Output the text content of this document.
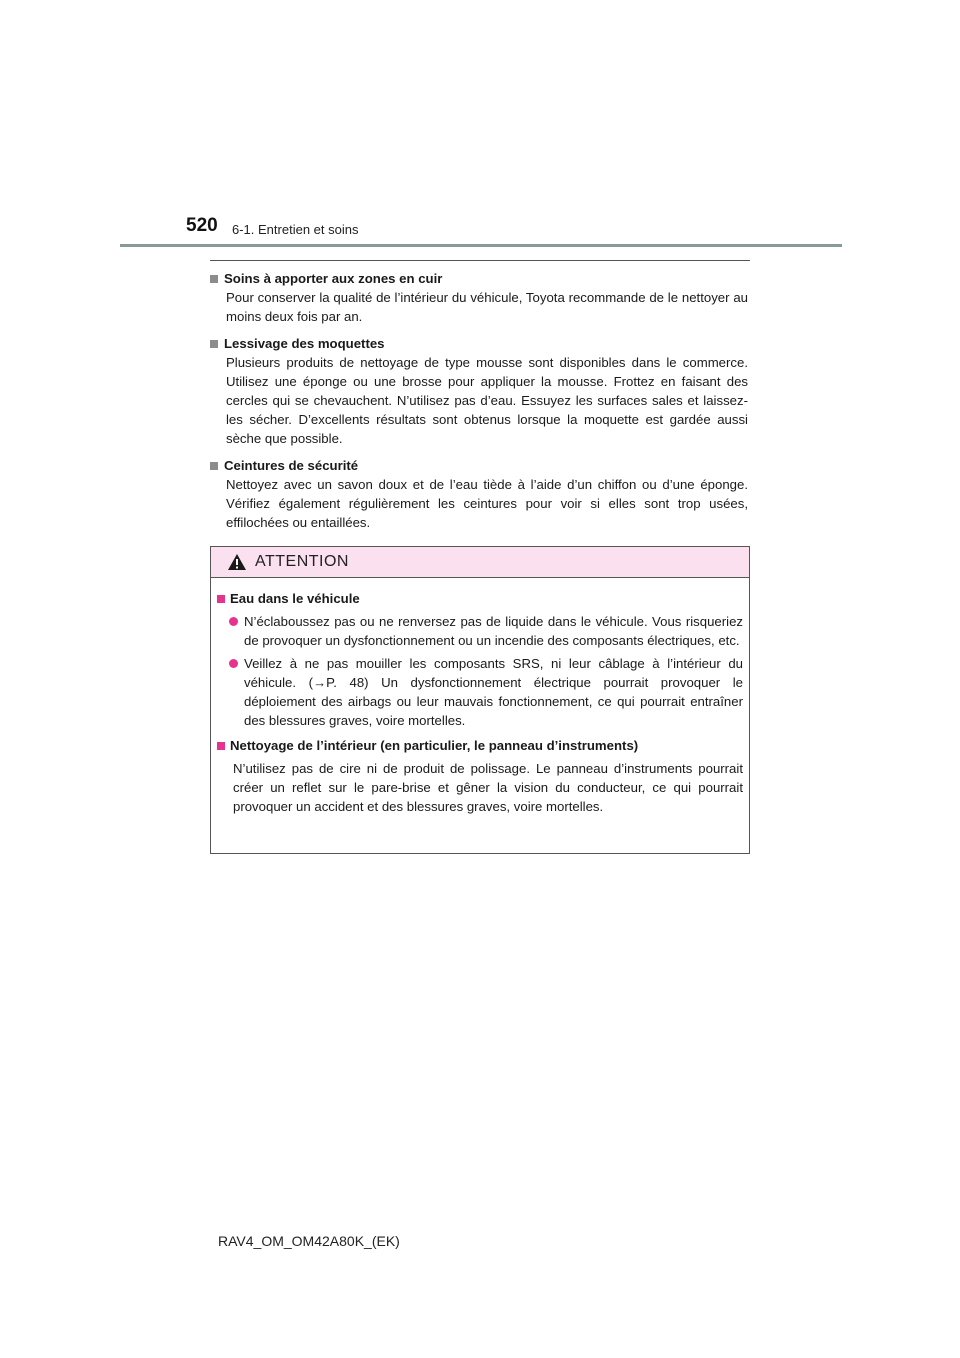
520 6-1. Entretien et soins
Soins à apporter aux zones en cuir
Pour conserver la qualité de l’intérieur du véhicule, Toyota recommande de le nettoyer au moins deux fois par an.
Lessivage des moquettes
Plusieurs produits de nettoyage de type mousse sont disponibles dans le commerce. Utilisez une éponge ou une brosse pour appliquer la mousse. Frottez en faisant des cercles qui se chevauchent. N’utilisez pas d’eau. Essuyez les surfaces sales et laissez-les sécher. D’excellents résultats sont obtenus lorsque la moquette est gardée aussi sèche que possible.
Ceintures de sécurité
Nettoyez avec un savon doux et de l’eau tiède à l’aide d’un chiffon ou d’une éponge. Vérifiez également régulièrement les ceintures pour voir si elles sont trop usées, effilochées ou entaillées.
ATTENTION
Eau dans le véhicule
N’éclaboussez pas ou ne renversez pas de liquide dans le véhicule. Vous risqueriez de provoquer un dysfonctionnement ou un incendie des composants électriques, etc.
Veillez à ne pas mouiller les composants SRS, ni leur câblage à l’intérieur du véhicule. (→P. 48) Un dysfonctionnement électrique pourrait provoquer le déploiement des airbags ou leur mauvais fonctionnement, ce qui pourrait entraîner des blessures graves, voire mortelles.
Nettoyage de l’intérieur (en particulier, le panneau d’instruments)
N’utilisez pas de cire ni de produit de polissage. Le panneau d’instruments pourrait créer un reflet sur le pare-brise et gêner la vision du conducteur, ce qui pourrait provoquer un accident et des blessures graves, voire mortelles.
RAV4_OM_OM42A80K_(EK)
